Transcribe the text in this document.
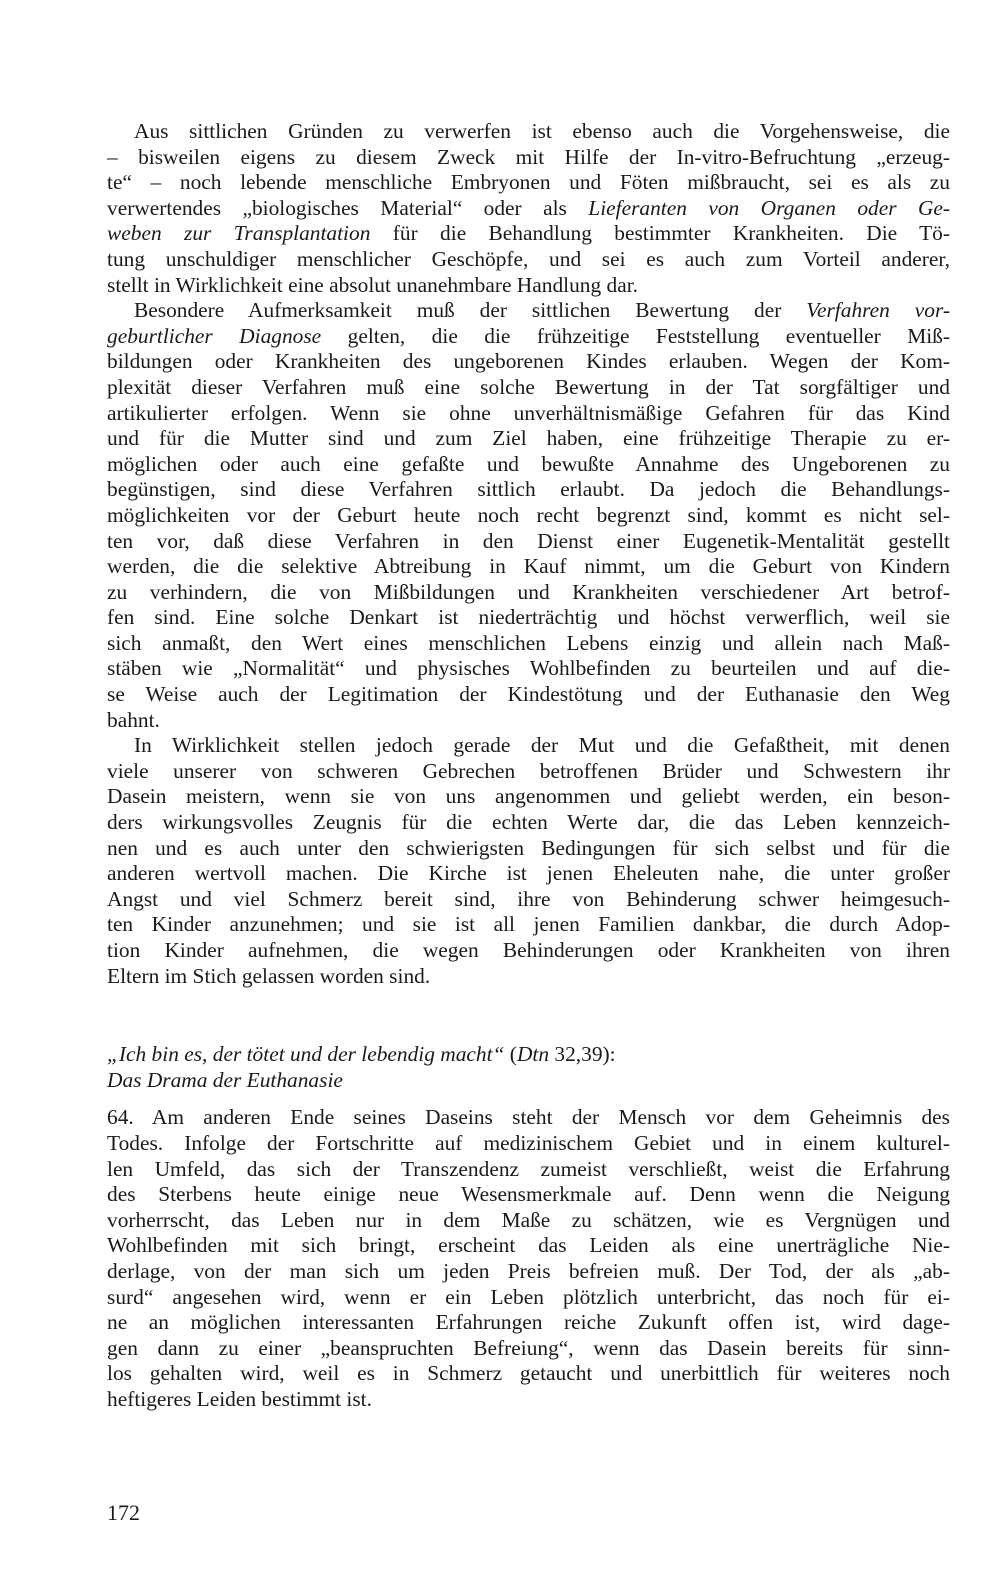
Aus sittlichen Gründen zu verwerfen ist ebenso auch die Vorgehensweise, die
– bisweilen eigens zu diesem Zweck mit Hilfe der In-vitro-Befruchtung „erzeug-
te“ – noch lebende menschliche Embryonen und Föten mißbraucht, sei es als zu
verwertendes „biologisches Material“ oder als Lieferanten von Organen oder Ge-
weben zur Transplantation für die Behandlung bestimmter Krankheiten. Die Tö-
tung unschuldiger menschlicher Geschöpfe, und sei es auch zum Vorteil anderer,
stellt in Wirklichkeit eine absolut unanehmbare Handlung dar.
Besondere Aufmerksamkeit muß der sittlichen Bewertung der Verfahren vor-
geburtlicher Diagnose gelten, die die frühzeitige Feststellung eventueller Miß-
bildungen oder Krankheiten des ungeborenen Kindes erlauben. Wegen der Kom-
plexität dieser Verfahren muß eine solche Bewertung in der Tat sorgfältiger und
artikulierter erfolgen. Wenn sie ohne unverhältnismäßige Gefahren für das Kind
und für die Mutter sind und zum Ziel haben, eine frühzeitige Therapie zu er-
möglichen oder auch eine gefaßte und bewußte Annahme des Ungeborenen zu
begünstigen, sind diese Verfahren sittlich erlaubt. Da jedoch die Behandlungs-
möglichkeiten vor der Geburt heute noch recht begrenzt sind, kommt es nicht sel-
ten vor, daß diese Verfahren in den Dienst einer Eugenetik-Mentalität gestellt
werden, die die selektive Abtreibung in Kauf nimmt, um die Geburt von Kindern
zu verhindern, die von Mißbildungen und Krankheiten verschiedener Art betrof-
fen sind. Eine solche Denkart ist niederträchtig und höchst verwerflich, weil sie
sich anmaßt, den Wert eines menschlichen Lebens einzig und allein nach Maß-
stäben wie „Normalität“ und physisches Wohlbefinden zu beurteilen und auf die-
se Weise auch der Legitimation der Kindestötung und der Euthanasie den Weg
bahnt.
In Wirklichkeit stellen jedoch gerade der Mut und die Gefaßtheit, mit denen
viele unserer von schweren Gebrechen betroffenen Brüder und Schwestern ihr
Dasein meistern, wenn sie von uns angenommen und geliebt werden, ein beson-
ders wirkungsvolles Zeugnis für die echten Werte dar, die das Leben kennzeich-
nen und es auch unter den schwierigsten Bedingungen für sich selbst und für die
anderen wertvoll machen. Die Kirche ist jenen Eheleuten nahe, die unter großer
Angst und viel Schmerz bereit sind, ihre von Behinderung schwer heimgesuch-
ten Kinder anzunehmen; und sie ist all jenen Familien dankbar, die durch Adop-
tion Kinder aufnehmen, die wegen Behinderungen oder Krankheiten von ihren
Eltern im Stich gelassen worden sind.
„Ich bin es, der tötet und der lebendig macht“ (Dtn 32,39):
Das Drama der Euthanasie
64. Am anderen Ende seines Daseins steht der Mensch vor dem Geheimnis des
Todes. Infolge der Fortschritte auf medizinischem Gebiet und in einem kulturel-
len Umfeld, das sich der Transzendenz zumeist verschließt, weist die Erfahrung
des Sterbens heute einige neue Wesensmerkmale auf. Denn wenn die Neigung
vorherrscht, das Leben nur in dem Maße zu schätzen, wie es Vergnügen und
Wohlbefinden mit sich bringt, erscheint das Leiden als eine unerträgliche Nie-
derlage, von der man sich um jeden Preis befreien muß. Der Tod, der als „ab-
surd“ angesehen wird, wenn er ein Leben plötzlich unterbricht, das noch für ei-
ne an möglichen interessanten Erfahrungen reiche Zukunft offen ist, wird dage-
gen dann zu einer „beanspruchten Befreiung“, wenn das Dasein bereits für sinn-
los gehalten wird, weil es in Schmerz getaucht und unerbittlich für weiteres noch
heftigeres Leiden bestimmt ist.
172
